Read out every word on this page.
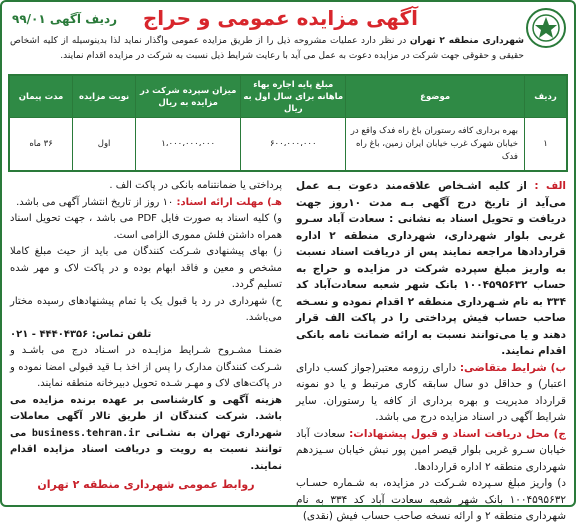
آگهی مزایده عمومی و حراج
ردیف آگهی ۹۹/۰۱
شهرداری منطقه ۲ تهران در نظر دارد عملیات مشروحه ذیل را از طریق مزایده عمومی واگذار نماید لذا بدینوسیله از کلیه اشخاص حقیقی و حقوقی جهت شرکت در مزایده دعوت به عمل می آید با رعایت شرایط ذیل نسبت به شرکت در مزایده اقدام نمایند.
ردیف	موضوع	مبلغ پایه اجاره بهاء ماهانه برای سال اول به ریال	میزان سپرده شرکت در مزایده به ریال	نوبت مزایده	مدت پیمان
۱	بهره برداری کافه رستوران باغ راه فدک واقع در خیابان شهرک غرب خیابان ایران زمین، باغ راه فدک	۶۰۰،۰۰۰،۰۰۰	۱،۰۰۰،۰۰۰،۰۰۰	اول	۳۶ ماه

الف : از کلیه اشـخاص علاقه‌مند دعوت بـه عمل می‌آید از تاریخ درج آگهی بـه مدت ۱۰روز جهت دریافت و تحویل اسناد به نشانی : سعادت آباد سـرو غربی بلوار شهرداری، شهرداری منطقه ۲ اداره قراردادها مراجعه نمایند پس از دریافت اسناد نسبت به واریز مبلغ سپرده شرکت در مزایده و حراج به حساب ۱۰۰۴۵۹۵۶۳۲ بانک شهر شعبه سعادت‌آباد کد ۳۳۴ به نام شـهرداری منطقه ۲ اقدام نموده و نسـخه صاحب حساب فیش پرداختی را در پاکت الف قرار دهند و یا می‌توانند نسبت به ارائه ضمانت نامه بانکی اقدام نمایند.

ب) شرایط متقاضی: دارای رزومه معتبر(جواز کسب دارای اعتبار) و حداقل دو سال سابقه کاری مرتبط و یا دو نمونه قرارداد مدیریت و بهره برداری از کافه یا رستوران. سایر شرایط آگهی در اسناد مزایده درج می باشد.

ج) محل دریافت اسناد و قبول پیشنهادات: سعادت آباد خیابان سـرو غربی بلوار قیصر امین پور نبش خیابان سـیزدهم شهرداری منطقه ۲ اداره قراردادها.

د) واریز مبلغ سـپرده شـرکت در مزایده، به شـماره حسـاب ۱۰۰۴۵۹۵۶۳۲ بانک شهر شعبه سعادت آباد کد ۳۳۴ به نام شهرداری منطقه ۲ و ارائه نسخه صاحب حساب فیش (نقدی)

پرداختی یا ضمانتنامه بانکی در پاکت الف .

هـ) مهلت ارائه اسناد: ۱۰ روز از تاریخ انتشار آگهی می باشد.

و) کلیه اسناد به صورت فایل PDF می باشد ، جهت تحویل اسناد همراه داشتن فلش مموری الزامی است.

ز) بهای پیشنهادی شـرکت کنندگان می باید از حیث مبلغ کاملا مشخص و معین و فاقد ابهام بوده و در پاکت لاک و مهر شده تسلیم گردد.

ح) شهرداری در رد یا قبول یک یا تمام پیشنهاد‌های رسیده مختار می‌باشد.

تلفن تماس: ۴۴۴۰۴۳۵۶ - ۰۲۱

ضمنـا مشـروح شـرایط مزایـده در اسـناد درج می باشـد و شـرکت کنندگان مدارک را پس از اخذ بـا قید قبولی امضا نموده و در پاکت‌های لاک و مهـر شـده تحویل دبیرخانه منطقه نمایند.

هزینه آگهی و کارشناسی بر عهده برنده مزایده می باشد. شرکت کنندگان از طریق تالار آگهی معاملات شهرداری تهران به نشـانی business.tehran.ir می توانند نسبت به رویت و دریافت اسناد مزایده اقدام نمایند.

روابط عمومی شهرداری منطقه ۲ تهران
